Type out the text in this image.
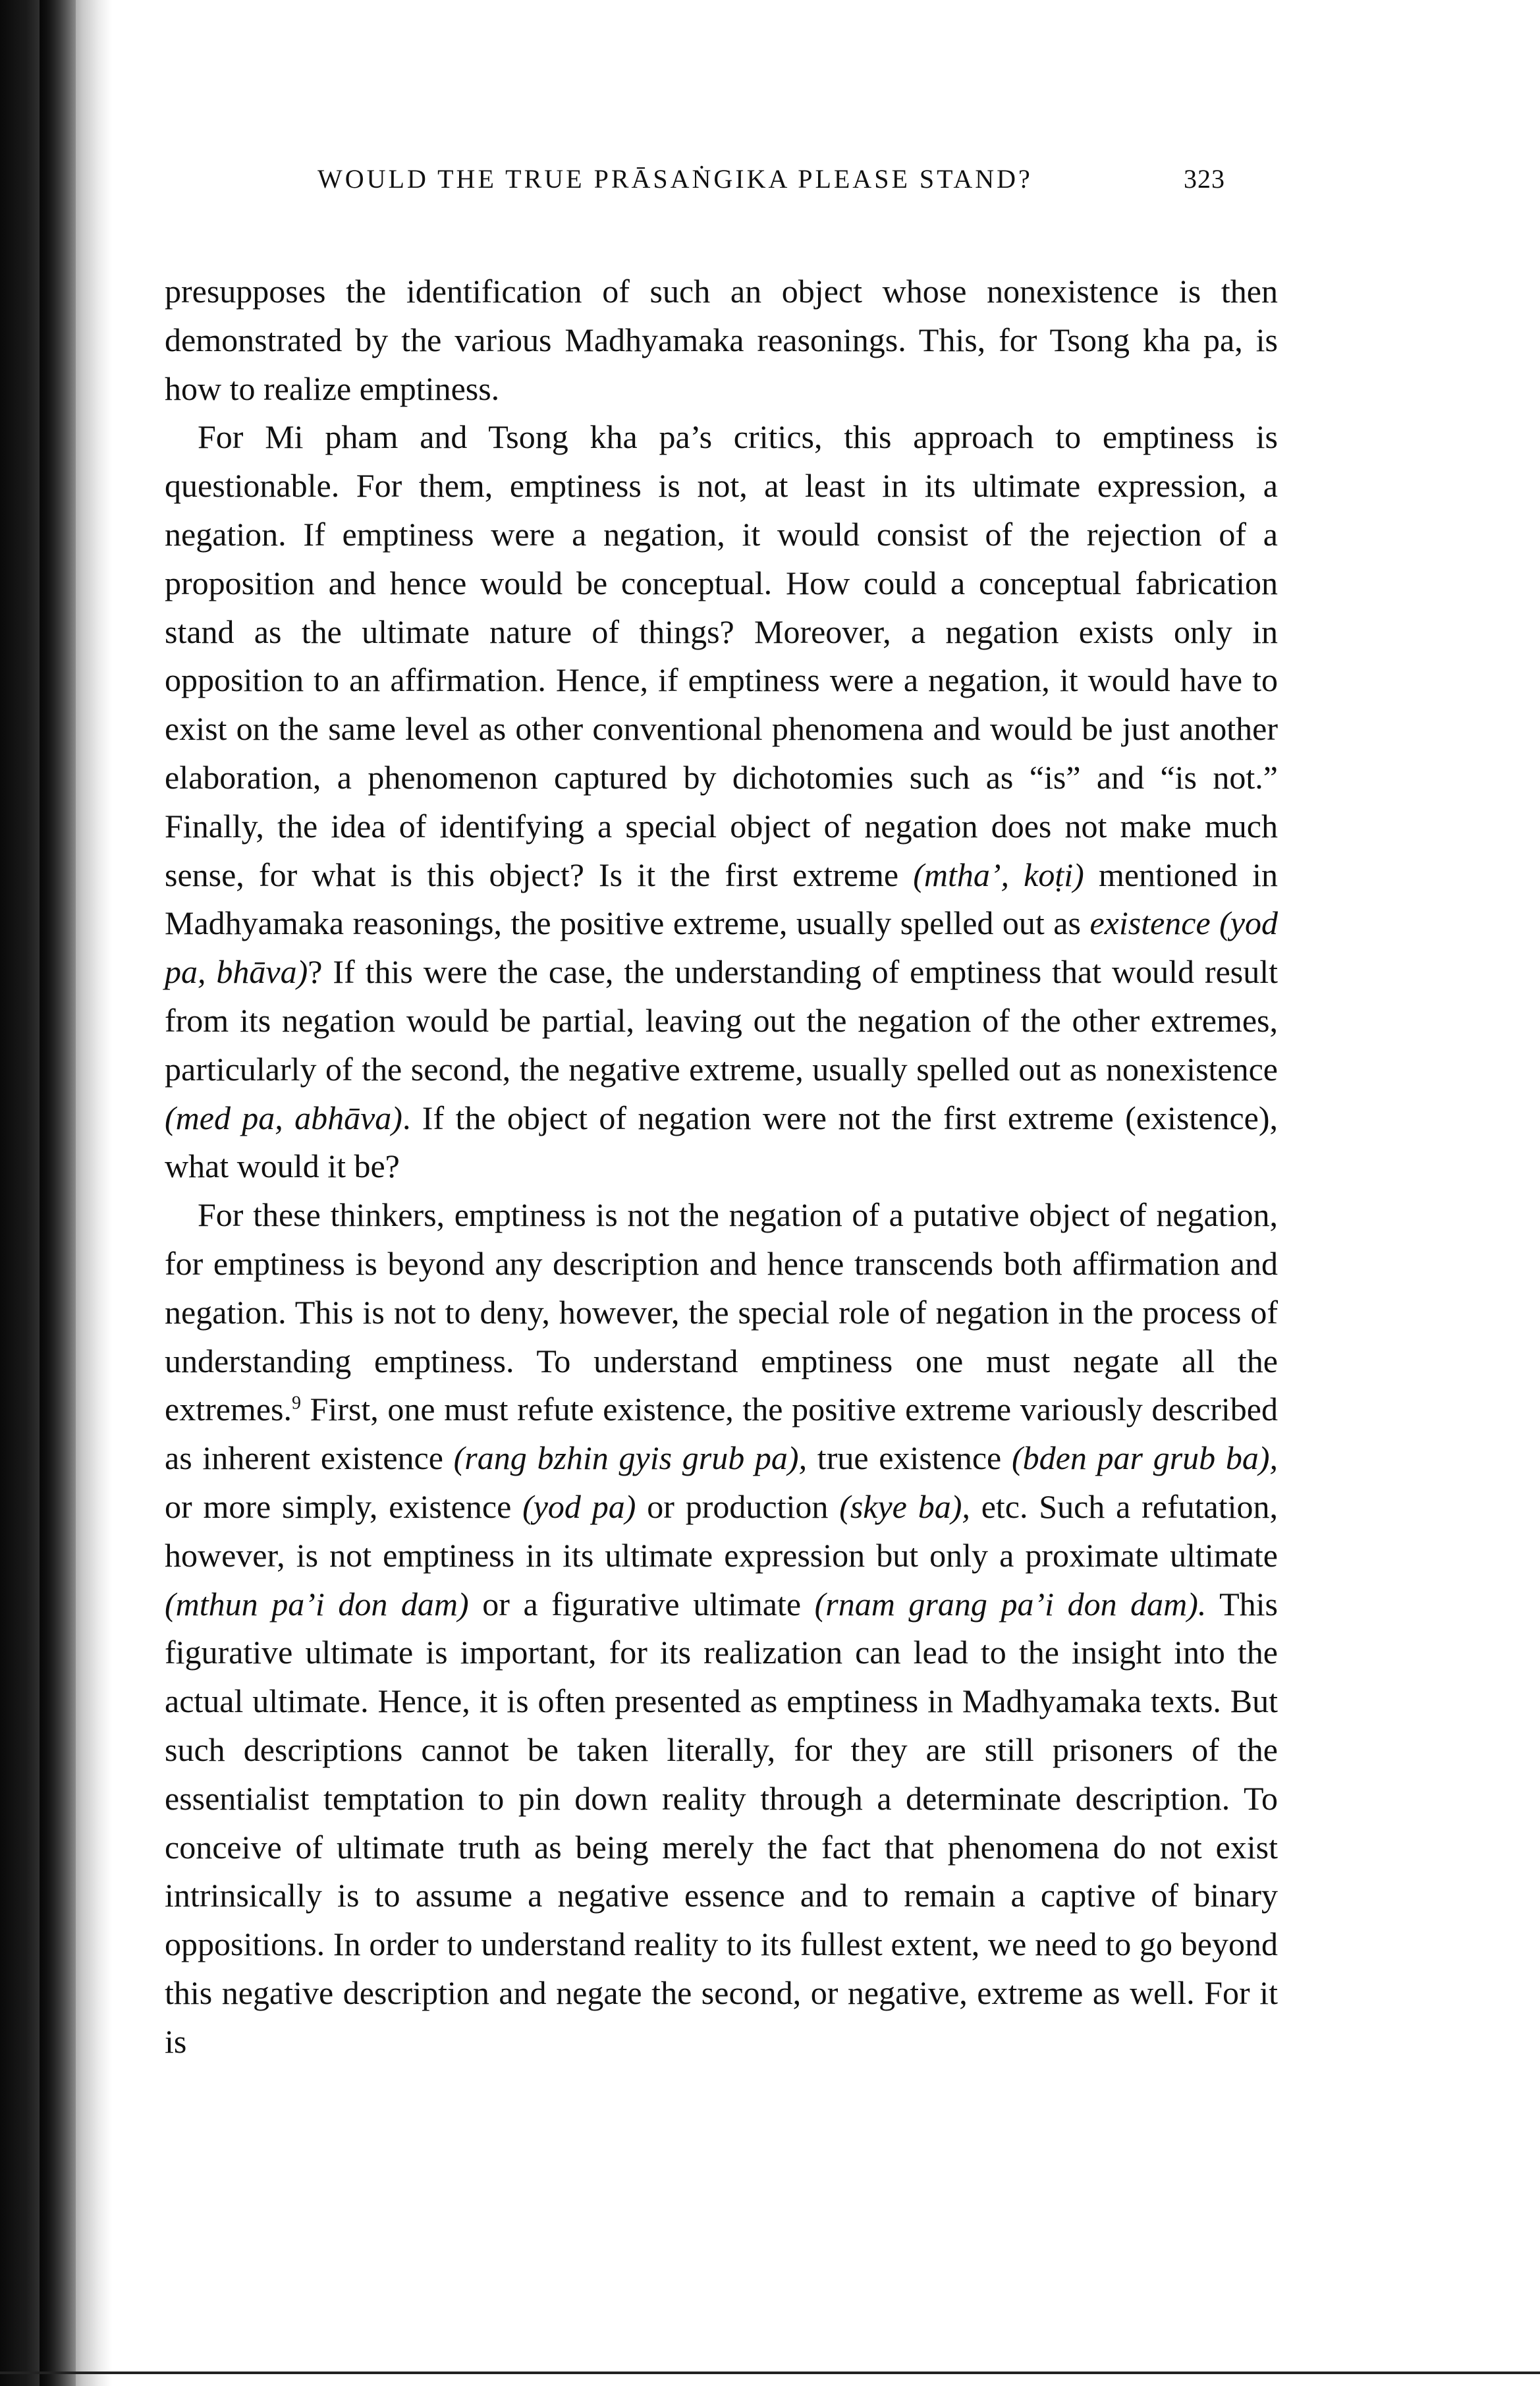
WOULD THE TRUE PRĀSAṄGIKA PLEASE STAND?	323

presupposes the identification of such an object whose nonexistence is then demonstrated by the various Madhyamaka reasonings. This, for Tsong kha pa, is how to realize emptiness.

For Mi pham and Tsong kha pa’s critics, this approach to emptiness is questionable. For them, emptiness is not, at least in its ultimate expression, a negation. If emptiness were a negation, it would consist of the rejection of a proposition and hence would be conceptual. How could a conceptual fabrication stand as the ultimate nature of things? Moreover, a negation exists only in opposition to an affirmation. Hence, if emptiness were a negation, it would have to exist on the same level as other conventional phenomena and would be just another elaboration, a phenomenon captured by dichotomies such as “is” and “is not.” Finally, the idea of identifying a special object of negation does not make much sense, for what is this object? Is it the first extreme (mtha’, koṭi) mentioned in Madhyamaka reasonings, the positive extreme, usually spelled out as existence (yod pa, bhāva)? If this were the case, the understanding of emptiness that would result from its negation would be partial, leaving out the negation of the other extremes, particularly of the second, the negative extreme, usually spelled out as nonexistence (med pa, abhāva). If the object of negation were not the first extreme (existence), what would it be?

For these thinkers, emptiness is not the negation of a putative object of negation, for emptiness is beyond any description and hence transcends both affirmation and negation. This is not to deny, however, the special role of negation in the process of understanding emptiness. To understand emptiness one must negate all the extremes.$^9$ First, one must refute existence, the positive extreme variously described as inherent existence (rang bzhin gyis grub pa), true existence (bden par grub ba), or more simply, existence (yod pa) or production (skye ba), etc. Such a refutation, however, is not emptiness in its ultimate expression but only a proximate ultimate (mthun pa’i don dam) or a figurative ultimate (rnam grang pa’i don dam). This figurative ultimate is important, for its realization can lead to the insight into the actual ultimate. Hence, it is often presented as emptiness in Madhyamaka texts. But such descriptions cannot be taken literally, for they are still prisoners of the essentialist temptation to pin down reality through a determinate description. To conceive of ultimate truth as being merely the fact that phenomena do not exist intrinsically is to assume a negative essence and to remain a captive of binary oppositions. In order to understand reality to its fullest extent, we need to go beyond this negative description and negate the second, or negative, extreme as well. For it is
